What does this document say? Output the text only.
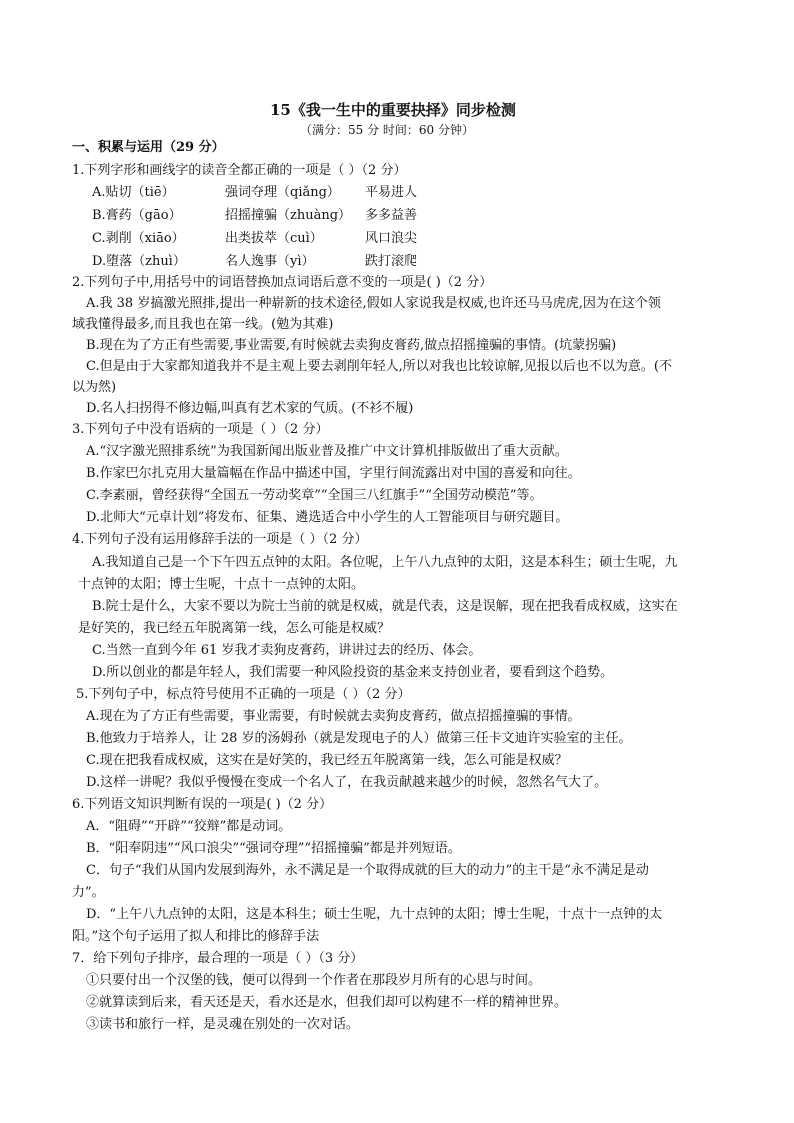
15《我一生中的重要抉择》同步检测
（满分：55 分 时间：60 分钟）
一、积累与运用（29 分）
1.下列字形和画线字的读音全都正确的一项是（ ）（2 分）
A.贴切（tiē）	强词夺理（qiǎng） 平易进人
B.膏药（gāo）	招摇撞骗（zhuàng） 多多益善
C.剥削（xiāo）	出类拔萃（cuì）	风口浪尖
D.堕落（zhuì）	名人逸事（yì）	跌打滚爬
2.下列句子中,用括号中的词语替换加点词语后意不变的一项是( )（2 分）
A.我 38 岁搞激光照排,提出一种崭新的技术途径,假如人家说我是权威,也许还马马虎虎,因为在这个领
域我懂得最多,而且我也在第一线。(勉为其难)
B.现在为了方正有些需要,事业需要,有时候就去卖狗皮膏药,做点招摇撞骗的事情。(坑蒙拐骗)
C.但是由于大家都知道我并不是主观上要去剥削年轻人,所以对我也比较谅解,见报以后也不以为意。(不
以为然)
D.名人扫拐得不修边幅,叫真有艺术家的气质。(不衫不履)
3.下列句子中没有语病的一项是（ ）（2 分）
A.“汉字激光照排系统”为我国新闻出版业普及推广中文计算机排版做出了重大贡献。
B.作家巴尔扎克用大量篇幅在作品中描述中国，字里行间流露出对中国的喜爱和向往。
C.李素丽，曾经获得“全国五一劳动奖章”“全国三八红旗手”“全国劳动模范”等。
D.北师大“元卓计划”将发布、征集、遴选适合中小学生的人工智能项目与研究题目。
4.下列句子没有运用修辞手法的一项是（ ）（2 分）
A.我知道自己是一个下午四五点钟的太阳。各位呢，上午八九点钟的太阳，这是本科生；硕士生呢，九
十点钟的太阳；博士生呢，十点十一点钟的太阳。
B.院士是什么，大家不要以为院士当前的就是权威，就是代表，这是误解，现在把我看成权威，这实在
是好笑的，我已经五年脱离第一线，怎么可能是权威？
C.当然一直到今年 61 岁我才卖狗皮膏药，讲讲过去的经历、体会。
D.所以创业的都是年轻人，我们需要一种风险投资的基金来支持创业者，要看到这个趋势。
5.下列句子中，标点符号使用不正确的一项是（ ）（2 分）
A.现在为了方正有些需要，事业需要，有时候就去卖狗皮膏药，做点招摇撞骗的事情。
B.他致力于培养人，让 28 岁的汤姆孙（就是发现电子的人）做第三任卡文迪许实验室的主任。
C.现在把我看成权威，这实在是好笑的，我已经五年脱离第一线，怎么可能是权威？
D.这样一讲呢？我似乎慢慢在变成一个名人了，在我贡献越来越少的时候，忽然名气大了。
6.下列语文知识判断有误的一项是( )（2 分）
A．“阻碍”“开辟”“狡辩”都是动词。
B．“阳奉阴违”“风口浪尖”“强词夺理”“招摇撞骗”都是并列短语。
C．句子“我们从国内发展到海外，永不满足是一个取得成就的巨大的动力”的主干是“永不满足是动
力”。
D．“上午八九点钟的太阳，这是本科生；硕士生呢，九十点钟的太阳；博士生呢，十点十一点钟的太
阳。”这个句子运用了拟人和排比的修辞手法
7．给下列句子排序，最合理的一项是（ ）（3 分）
①只要付出一个汉堡的钱，便可以得到一个作者在那段岁月所有的心思与时间。
②就算读到后来，看天还是天，看水还是水，但我们却可以构建不一样的精神世界。
③读书和旅行一样，是灵魂在别处的一次对话。
